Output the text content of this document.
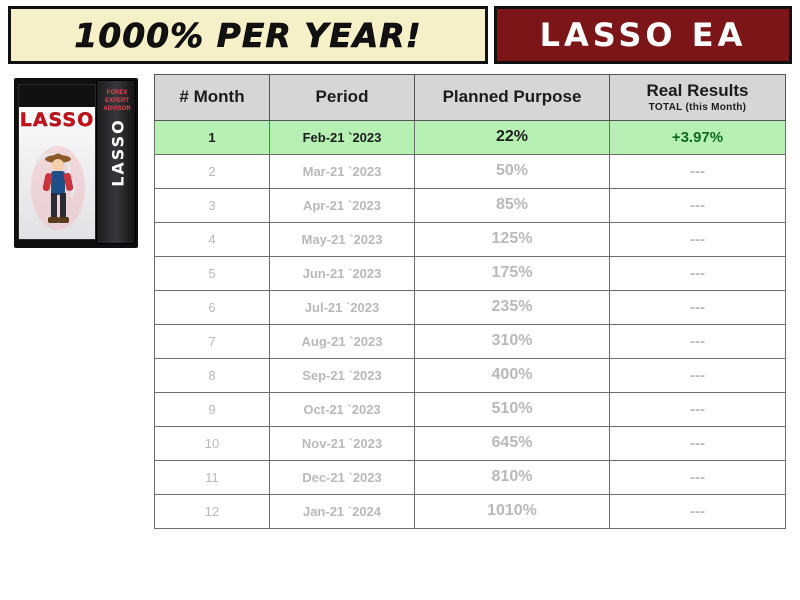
1000% PER YEAR!	LASSO EA
FOREX EXPERT ADVISOR
LASSO
LASSO
# Month	Period	Planned Purpose	Real Results
TOTAL (this Month)

1	Feb-21 `2023	22%	+3.97%
2	Mar-21 `2023	50%	---
3	Apr-21 `2023	85%	---
4	May-21 `2023	125%	---
5	Jun-21 `2023	175%	---
6	Jul-21 `2023	235%	---
7	Aug-21 `2023	310%	---
8	Sep-21 `2023	400%	---
9	Oct-21 `2023	510%	---
10	Nov-21 `2023	645%	---
11	Dec-21 `2023	810%	---
12	Jan-21 `2024	1010%	---
